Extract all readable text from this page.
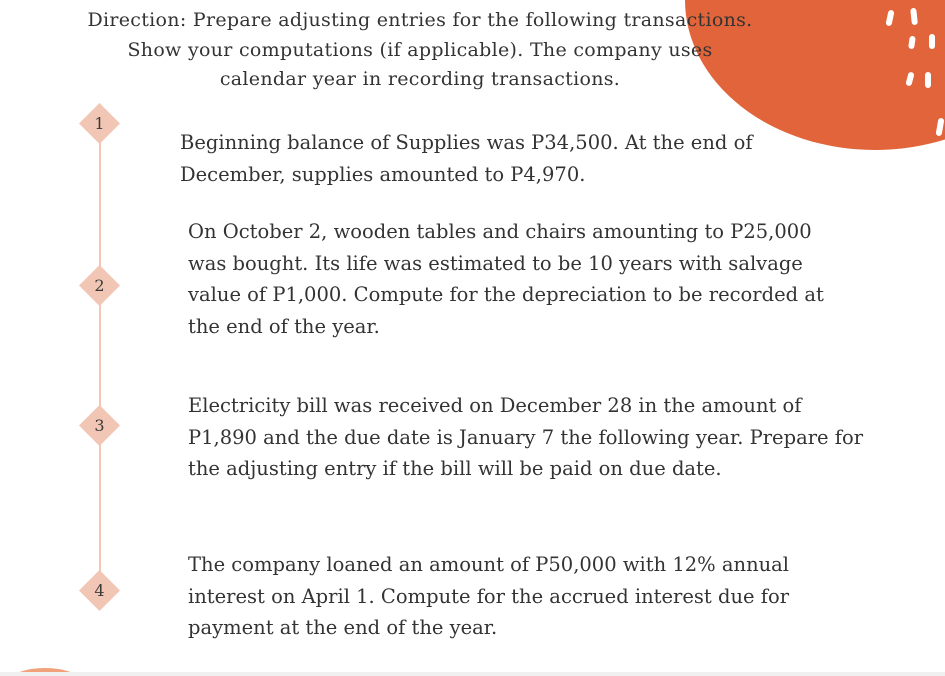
Direction: Prepare adjusting entries for the following transactions.
Show your computations (if applicable). The company uses
calendar year in recording transactions.
1
Beginning balance of Supplies was P34,500. At the end of
December, supplies amounted to P4,970.
2
On October 2, wooden tables and chairs amounting to P25,000
was bought. Its life was estimated to be 10 years with salvage
value of P1,000. Compute for the depreciation to be recorded at
the end of the year.
3
Electricity bill was received on December 28 in the amount of
P1,890 and the due date is January 7 the following year. Prepare for
the adjusting entry if the bill will be paid on due date.
4
The company loaned an amount of P50,000 with 12% annual
interest on April 1. Compute for the accrued interest due for
payment at the end of the year.
